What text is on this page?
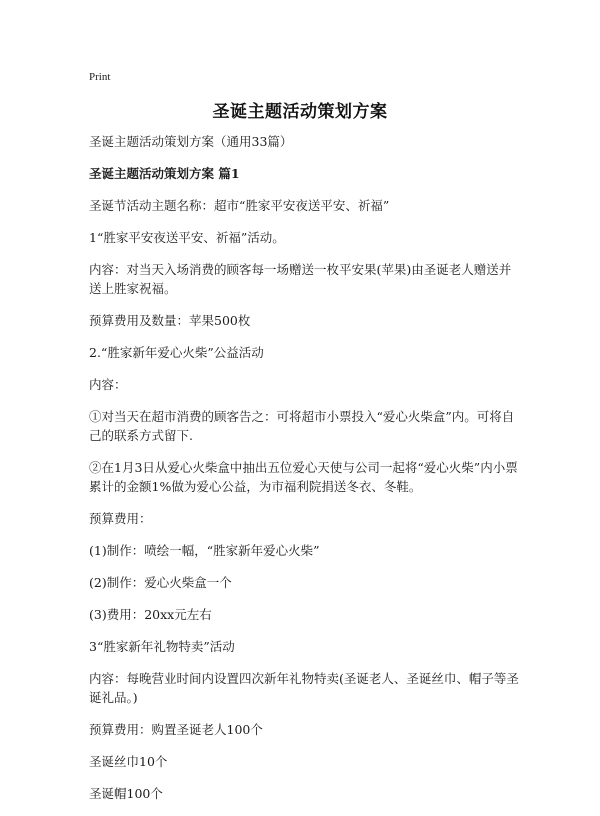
Print
圣诞主题活动策划方案

圣诞主题活动策划方案（通用33篇）

圣诞主题活动策划方案 篇1

圣诞节活动主题名称：超市“胜家平安夜送平安、祈福”

1“胜家平安夜送平安、祈福”活动。

内容：对当天入场消费的顾客每一场赠送一枚平安果(苹果)由圣诞老人赠送并送上胜家祝福。

预算费用及数量：苹果500枚

2.“胜家新年爱心火柴”公益活动

内容：

①对当天在超市消费的顾客告之：可将超市小票投入“爱心火柴盒”内。可将自己的联系方式留下.

②在1月3日从爱心火柴盒中抽出五位爱心天使与公司一起将“爱心火柴”内小票累计的金额1%做为爱心公益，为市福利院捐送冬衣、冬鞋。

预算费用：

(1)制作：喷绘一幅，“胜家新年爱心火柴”

(2)制作：爱心火柴盒一个

(3)费用：20xx元左右

3“胜家新年礼物特卖”活动

内容：每晚营业时间内设置四次新年礼物特卖(圣诞老人、圣诞丝巾、帽子等圣诞礼品。)

预算费用：购置圣诞老人100个

圣诞丝巾10个

圣诞帽100个
